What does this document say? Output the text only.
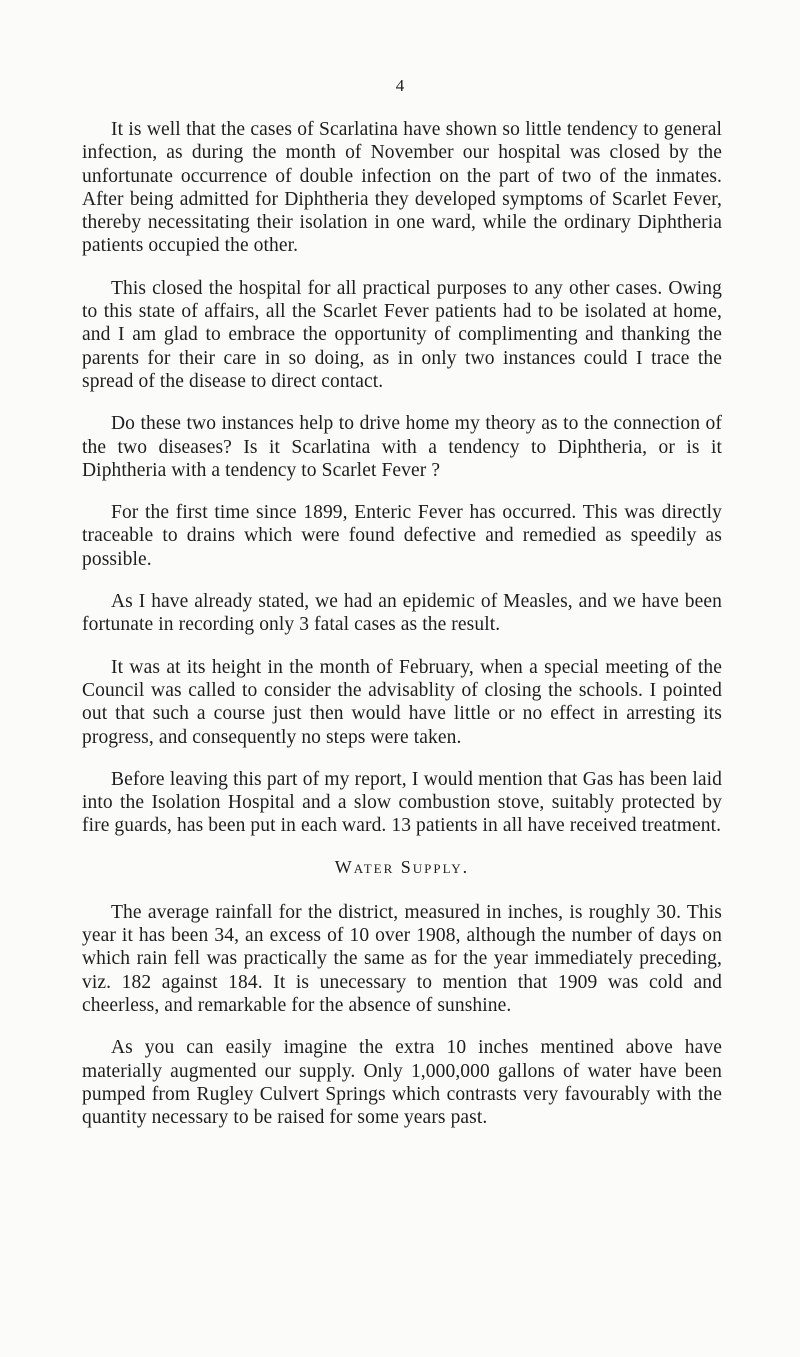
4

It is well that the cases of Scarlatina have shown so little tendency to general infection, as during the month of November our hospital was closed by the unfortunate occurrence of double infection on the part of two of the inmates. After being admitted for Diphtheria they developed symptoms of Scarlet Fever, thereby necessitating their isolation in one ward, while the ordinary Diphtheria patients occupied the other.

This closed the hospital for all practical purposes to any other cases. Owing to this state of affairs, all the Scarlet Fever patients had to be isolated at home, and I am glad to embrace the opportunity of complimenting and thanking the parents for their care in so doing, as in only two instances could I trace the spread of the disease to direct contact.

Do these two instances help to drive home my theory as to the connection of the two diseases? Is it Scarlatina with a tendency to Diphtheria, or is it Diphtheria with a tendency to Scarlet Fever ?

For the first time since 1899, Enteric Fever has occurred. This was directly traceable to drains which were found defective and remedied as speedily as possible.

As I have already stated, we had an epidemic of Measles, and we have been fortunate in recording only 3 fatal cases as the result.

It was at its height in the month of February, when a special meeting of the Council was called to consider the advisablity of closing the schools. I pointed out that such a course just then would have little or no effect in arresting its progress, and consequently no steps were taken.

Before leaving this part of my report, I would mention that Gas has been laid into the Isolation Hospital and a slow combustion stove, suitably protected by fire guards, has been put in each ward. 13 patients in all have received treatment.

Water Supply.

The average rainfall for the district, measured in inches, is roughly 30. This year it has been 34, an excess of 10 over 1908, although the number of days on which rain fell was practically the same as for the year immediately preceding, viz. 182 against 184. It is unecessary to mention that 1909 was cold and cheerless, and remarkable for the absence of sunshine.

As you can easily imagine the extra 10 inches mentined above have materially augmented our supply. Only 1,000,000 gallons of water have been pumped from Rugley Culvert Springs which contrasts very favourably with the quantity necessary to be raised for some years past.
